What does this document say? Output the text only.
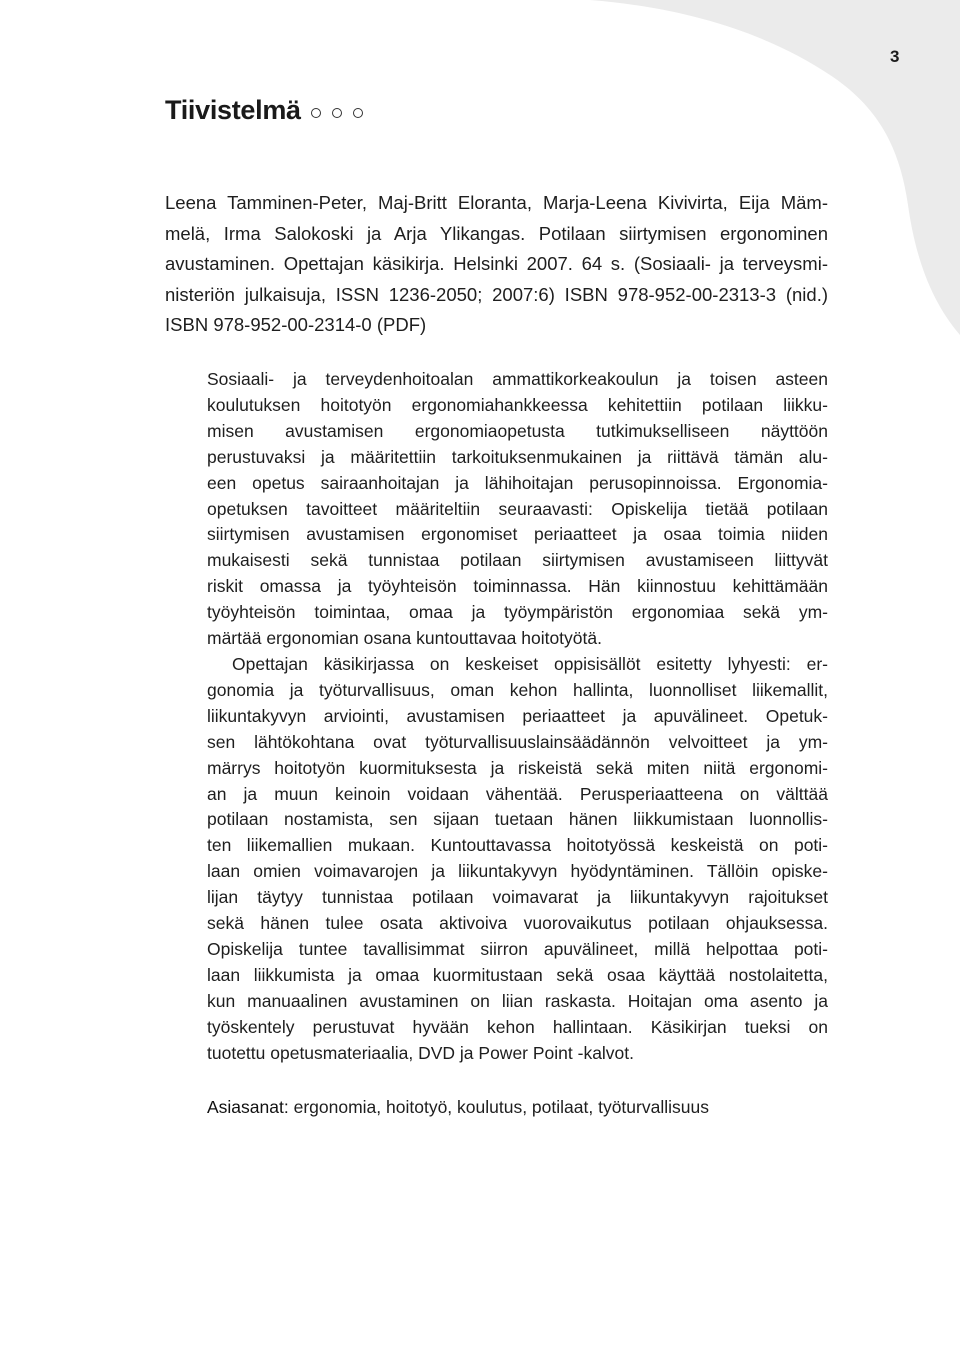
3
Tiivistelmä
Leena Tamminen-Peter, Maj-Britt Eloranta, Marja-Leena Kivivirta, Eija Mäm-
melä, Irma Salokoski ja Arja Ylikangas. Potilaan siirtymisen ergonominen
avustaminen. Opettajan käsikirja. Helsinki 2007. 64 s. (Sosiaali- ja terveysmi-
nisteriön julkaisuja, ISSN 1236-2050; 2007:6) ISBN 978-952-00-2313-3 (nid.)
ISBN 978-952-00-2314-0 (PDF)
Sosiaali- ja terveydenhoitoalan ammattikorkeakoulun ja toisen asteen
koulutuksen hoitotyön ergonomiahankkeessa kehitettiin potilaan liikku-
misen avustamisen ergonomiaopetusta tutkimukselliseen näyttöön
perustuvaksi ja määritettiin tarkoituksenmukainen ja riittävä tämän alu-
een opetus sairaanhoitajan ja lähihoitajan perusopinnoissa. Ergonomia-
opetuksen tavoitteet määriteltiin seuraavasti: Opiskelija tietää potilaan
siirtymisen avustamisen ergonomiset periaatteet ja osaa toimia niiden
mukaisesti sekä tunnistaa potilaan siirtymisen avustamiseen liittyvät
riskit omassa ja työyhteisön toiminnassa. Hän kiinnostuu kehittämään
työyhteisön toimintaa, omaa ja työympäristön ergonomiaa sekä ym-
märtää ergonomian osana kuntouttavaa hoitotyötä.
Opettajan käsikirjassa on keskeiset oppisisällöt esitetty lyhyesti: er-
gonomia ja työturvallisuus, oman kehon hallinta, luonnolliset liikemallit,
liikuntakyvyn arviointi, avustamisen periaatteet ja apuvälineet. Opetuk-
sen lähtökohtana ovat työturvallisuuslainsäädännön velvoitteet ja ym-
märrys hoitotyön kuormituksesta ja riskeistä sekä miten niitä ergonomi-
an ja muun keinoin voidaan vähentää. Perusperiaatteena on välttää
potilaan nostamista, sen sijaan tuetaan hänen liikkumistaan luonnollis-
ten liikemallien mukaan. Kuntouttavassa hoitotyössä keskeistä on poti-
laan omien voimavarojen ja liikuntakyvyn hyödyntäminen. Tällöin opiske-
lijan täytyy tunnistaa potilaan voimavarat ja liikuntakyvyn rajoitukset
sekä hänen tulee osata aktivoiva vuorovaikutus potilaan ohjauksessa.
Opiskelija tuntee tavallisimmat siirron apuvälineet, millä helpottaa poti-
laan liikkumista ja omaa kuormitustaan sekä osaa käyttää nostolaitetta,
kun manuaalinen avustaminen on liian raskasta. Hoitajan oma asento ja
työskentely perustuvat hyvään kehon hallintaan. Käsikirjan tueksi on
tuotettu opetusmateriaalia, DVD ja Power Point -kalvot.
Asiasanat: ergonomia, hoitotyö, koulutus, potilaat, työturvallisuus
